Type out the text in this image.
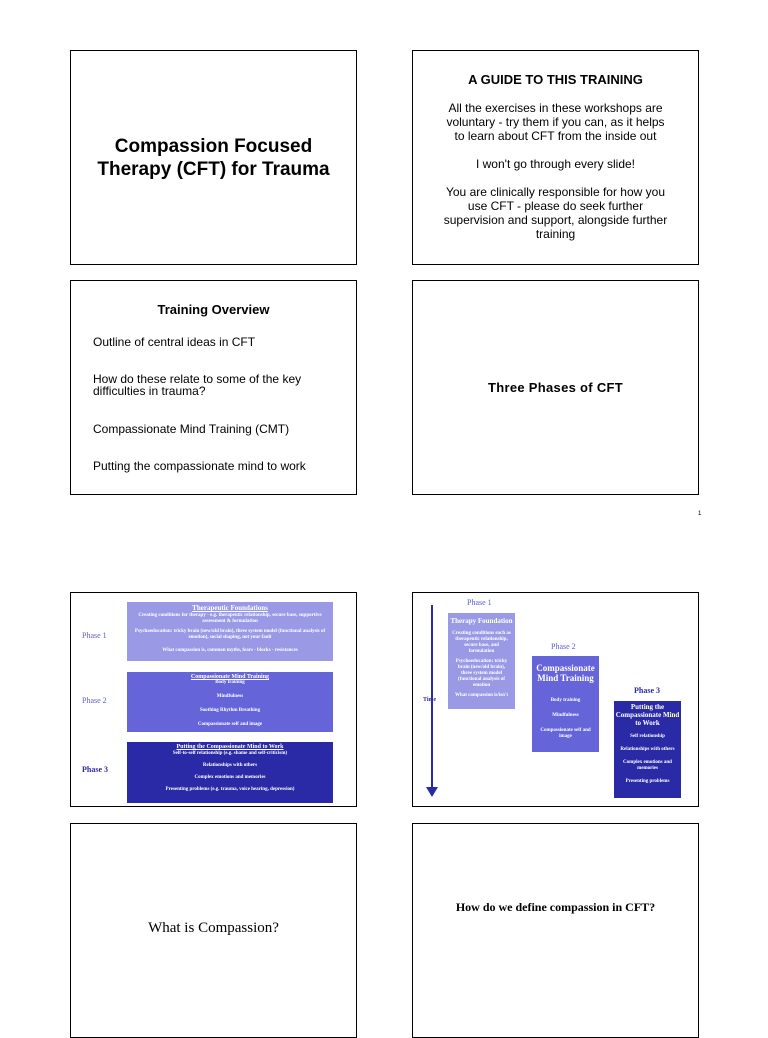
Compassion Focused Therapy (CFT) for Trauma
A GUIDE TO THIS TRAINING

All the exercises in these workshops are voluntary - try them if you can, as it helps to learn about CFT from the inside out

I won't go through every slide!

You are clinically responsible for how you use CFT - please do seek further supervision and support, alongside further training

Training Overview

Outline of central ideas in CFT

How do these relate to some of the key difficulties in trauma?

Compassionate Mind Training (CMT)

Putting the compassionate mind to work

Three Phases of CFT
1
Phase 1
Therapeutic Foundations
Creating conditions for therapy - e.g. therapeutic relationship, secure base, supportive assessment & formulation
Psychoeducation: tricky brain (new/old brain), three system model (functional analysis of emotion), social shaping, not your fault
What compassion is, common myths, fears - blocks - resistances
Phase 2
Compassionate Mind Training
Body training
Mindfulness
Soothing Rhythm Breathing
Compassionate self and image
Phase 3
Putting the Compassionate Mind to Work
Self-to-self relationship (e.g. shame and self-criticism)
Relationships with others
Complex emotions and memories
Presenting problems (e.g. trauma, voice hearing, depression)
Time
Phase 1
Therapy Foundation
Creating conditions such as therapeutic relationship, secure base, and formulation
Psychoeducation: tricky brain (new/old brain), three system model (functional analysis of emotion
What compassion is/isn't
Phase 2
Compassionate Mind Training
Body training
Mindfulness
Compassionate self and image
Phase 3
Putting the Compassionate Mind to Work
Self relationship
Relationships with others
Complex emotions and memories
Presenting problems
What is Compassion?
How do we define compassion in CFT?
